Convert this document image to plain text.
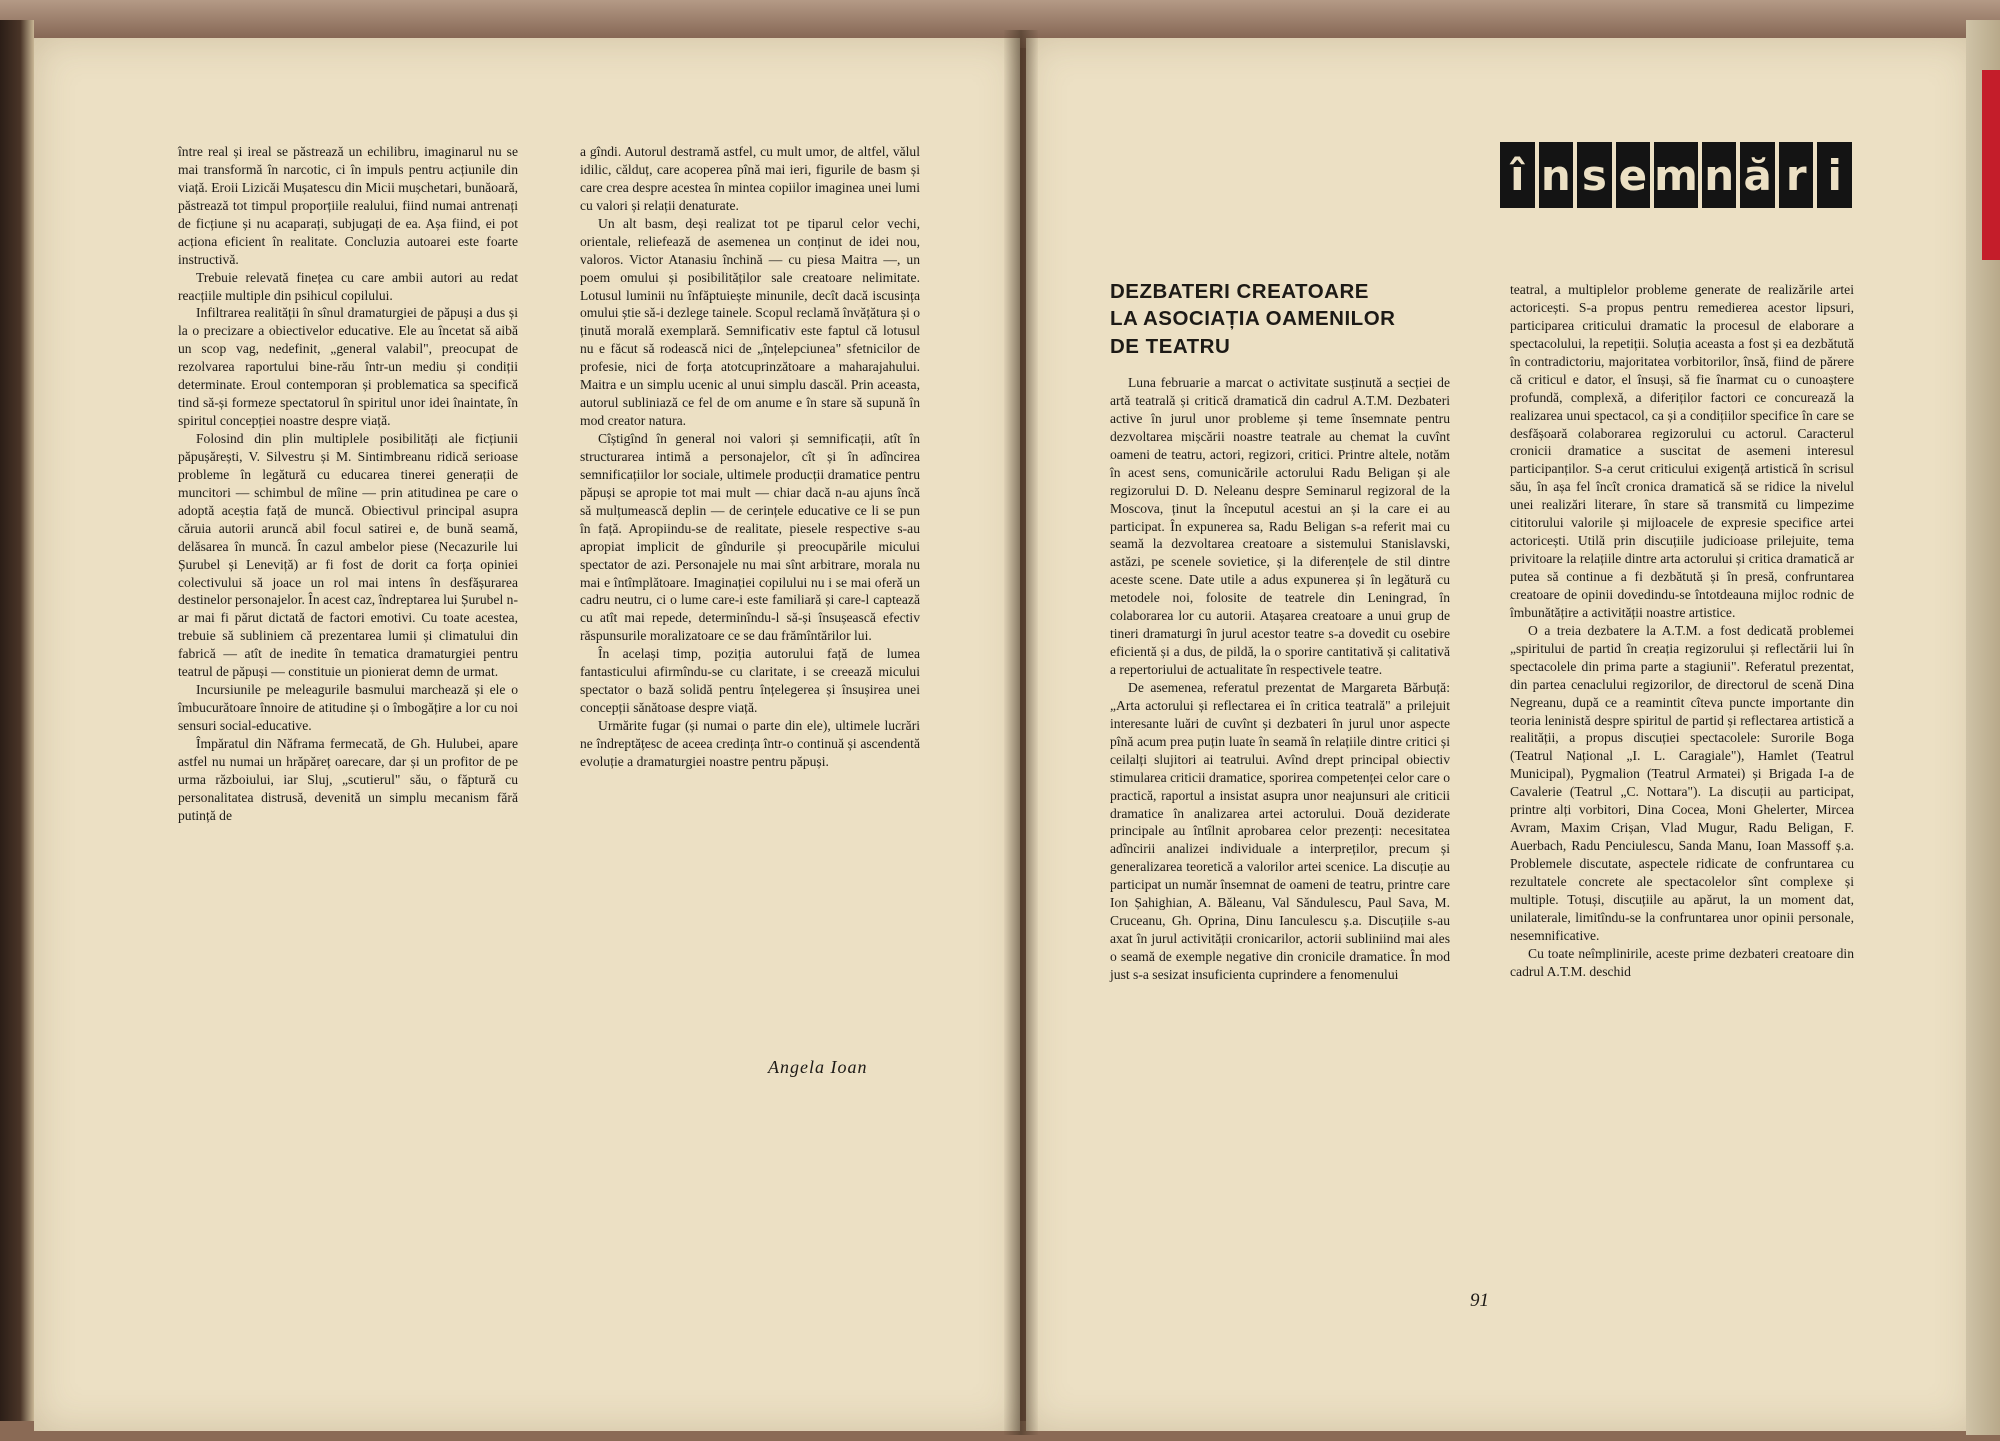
între real și ireal se păstrează un echilibru, imaginarul nu se mai transformă în narcotic, ci în impuls pentru acțiunile din viață. Eroii Lizicăi Mușatescu din Micii mușchetari, bunăoară, păstrează tot timpul proporțiile realului, fiind numai antrenați de ficțiune și nu acaparați, subjugați de ea. Așa fiind, ei pot acționa eficient în realitate. Concluzia autoarei este foarte instructivă.

Trebuie relevată finețea cu care ambii autori au redat reacțiile multiple din psihicul copilului.

Infiltrarea realității în sînul dramaturgiei de păpuși a dus și la o precizare a obiectivelor educative. Ele au încetat să aibă un scop vag, nedefinit, „general valabil", preocupat de rezolvarea raportului bine-rău într-un mediu și condiții determinate. Eroul contemporan și problematica sa specifică tind să-și formeze spectatorul în spiritul unor idei înaintate, în spiritul concepției noastre despre viață.

Folosind din plin multiplele posibilități ale ficțiunii păpușărești, V. Silvestru și M. Sintimbreanu ridică serioase probleme în legătură cu educarea tinerei generații de muncitori — schimbul de mîine — prin atitudinea pe care o adoptă aceștia față de muncă. Obiectivul principal asupra căruia autorii aruncă abil focul satirei e, de bună seamă, delăsarea în muncă. În cazul ambelor piese (Necazurile lui Șurubel și Leneviță) ar fi fost de dorit ca forța opiniei colectivului să joace un rol mai intens în desfășurarea destinelor personajelor. În acest caz, îndreptarea lui Șurubel n-ar mai fi părut dictată de factori emotivi. Cu toate acestea, trebuie să subliniem că prezentarea lumii și climatului din fabrică — atît de inedite în tematica dramaturgiei pentru teatrul de păpuși — constituie un pionierat demn de urmat.

Incursiunile pe meleagurile basmului marchează și ele o îmbucurătoare înnoire de atitudine și o îmbogățire a lor cu noi sensuri social-educative.

Împăratul din Năframa fermecată, de Gh. Hulubei, apare astfel nu numai un hrăpăreț oarecare, dar și un profitor de pe urma războiului, iar Sluj, „scutierul" său, o făptură cu personalitatea distrusă, devenită un simplu mecanism fără putință de

a gîndi. Autorul destramă astfel, cu mult umor, de altfel, vălul idilic, călduț, care acoperea pînă mai ieri, figurile de basm și care crea despre acestea în mintea copiilor imaginea unei lumi cu valori și relații denaturate.

Un alt basm, deși realizat tot pe tiparul celor vechi, orientale, reliefează de asemenea un conținut de idei nou, valoros. Victor Atanasiu închină — cu piesa Maitra —, un poem omului și posibilităților sale creatoare nelimitate. Lotusul luminii nu înfăptuiește minunile, decît dacă iscusința omului știe să-i dezlege tainele. Scopul reclamă învățătura și o ținută morală exemplară. Semnificativ este faptul că lotusul nu e făcut să rodească nici de „înțelepciunea" sfetnicilor de profesie, nici de forța atotcuprinzătoare a maharajahului. Maitra e un simplu ucenic al unui simplu dascăl. Prin aceasta, autorul subliniază ce fel de om anume e în stare să supună în mod creator natura.

Cîștigînd în general noi valori și semnificații, atît în structurarea intimă a personajelor, cît și în adîncirea semnificațiilor lor sociale, ultimele producții dramatice pentru păpuși se apropie tot mai mult — chiar dacă n-au ajuns încă să mulțumească deplin — de cerințele educative ce li se pun în față. Apropiindu-se de realitate, piesele respective s-au apropiat implicit de gîndurile și preocupările micului spectator de azi. Personajele nu mai sînt arbitrare, morala nu mai e întîmplătoare. Imaginației copilului nu i se mai oferă un cadru neutru, ci o lume care-i este familiară și care-l captează cu atît mai repede, determinîndu-l să-și însușească efectiv răspunsurile moralizatoare ce se dau frămîntărilor lui.

În același timp, poziția autorului față de lumea fantasticului afirmîndu-se cu claritate, i se creează micului spectator o bază solidă pentru înțelegerea și însușirea unei concepții sănătoase despre viață.

Urmărite fugar (și numai o parte din ele), ultimele lucrări ne îndreptățesc de aceea credința într-o continuă și ascendentă evoluție a dramaturgiei noastre pentru păpuși.

Angela Ioan
î n s e m n ă r i
DEZBATERI CREATOARE
LA ASOCIAȚIA OAMENILOR
DE TEATRU

Luna februarie a marcat o activitate susținută a secției de artă teatrală și critică dramatică din cadrul A.T.M. Dezbateri active în jurul unor probleme și teme însemnate pentru dezvoltarea mișcării noastre teatrale au chemat la cuvînt oameni de teatru, actori, regizori, critici. Printre altele, notăm în acest sens, comunicările actorului Radu Beligan și ale regizorului D. D. Neleanu despre Seminarul regizoral de la Moscova, ținut la începutul acestui an și la care ei au participat. În expunerea sa, Radu Beligan s-a referit mai cu seamă la dezvoltarea creatoare a sistemului Stanislavski, astăzi, pe scenele sovietice, și la diferențele de stil dintre aceste scene. Date utile a adus expunerea și în legătură cu metodele noi, folosite de teatrele din Leningrad, în colaborarea lor cu autorii. Atașarea creatoare a unui grup de tineri dramaturgi în jurul acestor teatre s-a dovedit cu osebire eficientă și a dus, de pildă, la o sporire cantitativă și calitativă a repertoriului de actualitate în respectivele teatre.

De asemenea, referatul prezentat de Margareta Bărbuță: „Arta actorului și reflectarea ei în critica teatrală" a prilejuit interesante luări de cuvînt și dezbateri în jurul unor aspecte pînă acum prea puțin luate în seamă în relațiile dintre critici și ceilalți slujitori ai teatrului. Avînd drept principal obiectiv stimularea criticii dramatice, sporirea competenței celor care o practică, raportul a insistat asupra unor neajunsuri ale criticii dramatice în analizarea artei actorului. Două deziderate principale au întîlnit aprobarea celor prezenți: necesitatea adîncirii analizei individuale a interpreților, precum și generalizarea teoretică a valorilor artei scenice. La discuție au participat un număr însemnat de oameni de teatru, printre care Ion Șahighian, A. Băleanu, Val Săndulescu, Paul Sava, M. Cruceanu, Gh. Oprina, Dinu Ianculescu ș.a. Discuțiile s-au axat în jurul activității cronicarilor, actorii subliniind mai ales o seamă de exemple negative din cronicile dramatice. În mod just s-a sesizat insuficienta cuprindere a fenomenului

teatral, a multiplelor probleme generate de realizările artei actoricești. S-a propus pentru remedierea acestor lipsuri, participarea criticului dramatic la procesul de elaborare a spectacolului, la repetiții. Soluția aceasta a fost și ea dezbătută în contradictoriu, majoritatea vorbitorilor, însă, fiind de părere că criticul e dator, el însuși, să fie înarmat cu o cunoaștere profundă, complexă, a diferiților factori ce concurează la realizarea unui spectacol, ca și a condițiilor specifice în care se desfășoară colaborarea regizorului cu actorul. Caracterul cronicii dramatice a suscitat de asemeni interesul participanților. S-a cerut criticului exigență artistică în scrisul său, în așa fel încît cronica dramatică să se ridice la nivelul unei realizări literare, în stare să transmită cu limpezime cititorului valorile și mijloacele de expresie specifice artei actoricești. Utilă prin discuțiile judicioase prilejuite, tema privitoare la relațiile dintre arta actorului și critica dramatică ar putea să continue a fi dezbătută și în presă, confruntarea creatoare de opinii dovedindu-se întotdeauna mijloc rodnic de îmbunătățire a activității noastre artistice.

O a treia dezbatere la A.T.M. a fost dedicată problemei „spiritului de partid în creația regizorului și reflectării lui în spectacolele din prima parte a stagiunii". Referatul prezentat, din partea cenaclului regizorilor, de directorul de scenă Dina Negreanu, după ce a reamintit cîteva puncte importante din teoria leninistă despre spiritul de partid și reflectarea artistică a realității, a propus discuției spectacolele: Surorile Boga (Teatrul Național „I. L. Caragiale"), Hamlet (Teatrul Municipal), Pygmalion (Teatrul Armatei) și Brigada I-a de Cavalerie (Teatrul „C. Nottara"). La discuții au participat, printre alți vorbitori, Dina Cocea, Moni Ghelerter, Mircea Avram, Maxim Crișan, Vlad Mugur, Radu Beligan, F. Auerbach, Radu Penciulescu, Sanda Manu, Ioan Massoff ș.a. Problemele discutate, aspectele ridicate de confruntarea cu rezultatele concrete ale spectacolelor sînt complexe și multiple. Totuși, discuțiile au apărut, la un moment dat, unilaterale, limitîndu-se la confruntarea unor opinii personale, nesemnificative.

Cu toate neîmplinirile, aceste prime dezbateri creatoare din cadrul A.T.M. deschid

91
